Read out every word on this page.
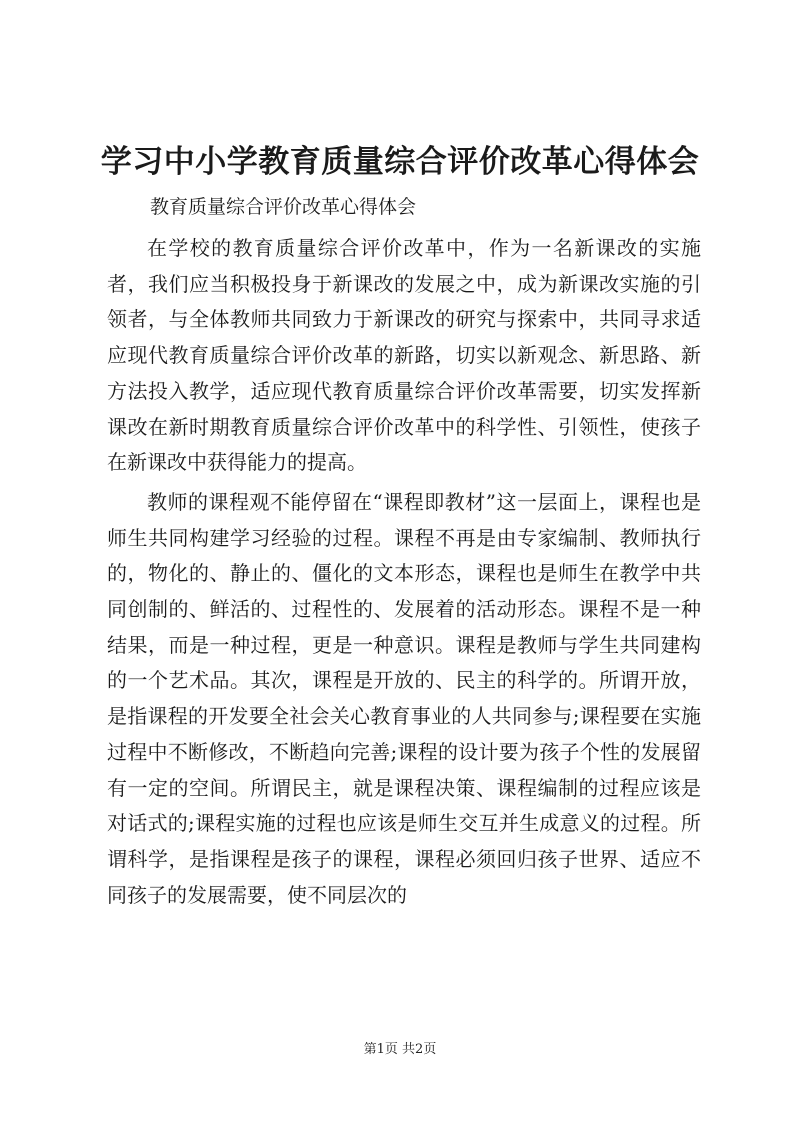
学习中小学教育质量综合评价改革心得体会

教育质量综合评价改革心得体会

在学校的教育质量综合评价改革中，作为一名新课改的实施者，我们应当积极投身于新课改的发展之中，成为新课改实施的引领者，与全体教师共同致力于新课改的研究与探索中，共同寻求适应现代教育质量综合评价改革的新路，切实以新观念、新思路、新方法投入教学，适应现代教育质量综合评价改革需要，切实发挥新课改在新时期教育质量综合评价改革中的科学性、引领性，使孩子在新课改中获得能力的提高。

教师的课程观不能停留在“课程即教材”这一层面上，课程也是师生共同构建学习经验的过程。课程不再是由专家编制、教师执行的，物化的、静止的、僵化的文本形态，课程也是师生在教学中共同创制的、鲜活的、过程性的、发展着的活动形态。课程不是一种结果，而是一种过程，更是一种意识。课程是教师与学生共同建构的一个艺术品。其次，课程是开放的、民主的科学的。所谓开放，是指课程的开发要全社会关心教育事业的人共同参与;课程要在实施过程中不断修改，不断趋向完善;课程的设计要为孩子个性的发展留有一定的空间。所谓民主，就是课程决策、课程编制的过程应该是对话式的;课程实施的过程也应该是师生交互并生成意义的过程。所谓科学，是指课程是孩子的课程，课程必须回归孩子世界、适应不同孩子的发展需要，使不同层次的

第1页 共2页
